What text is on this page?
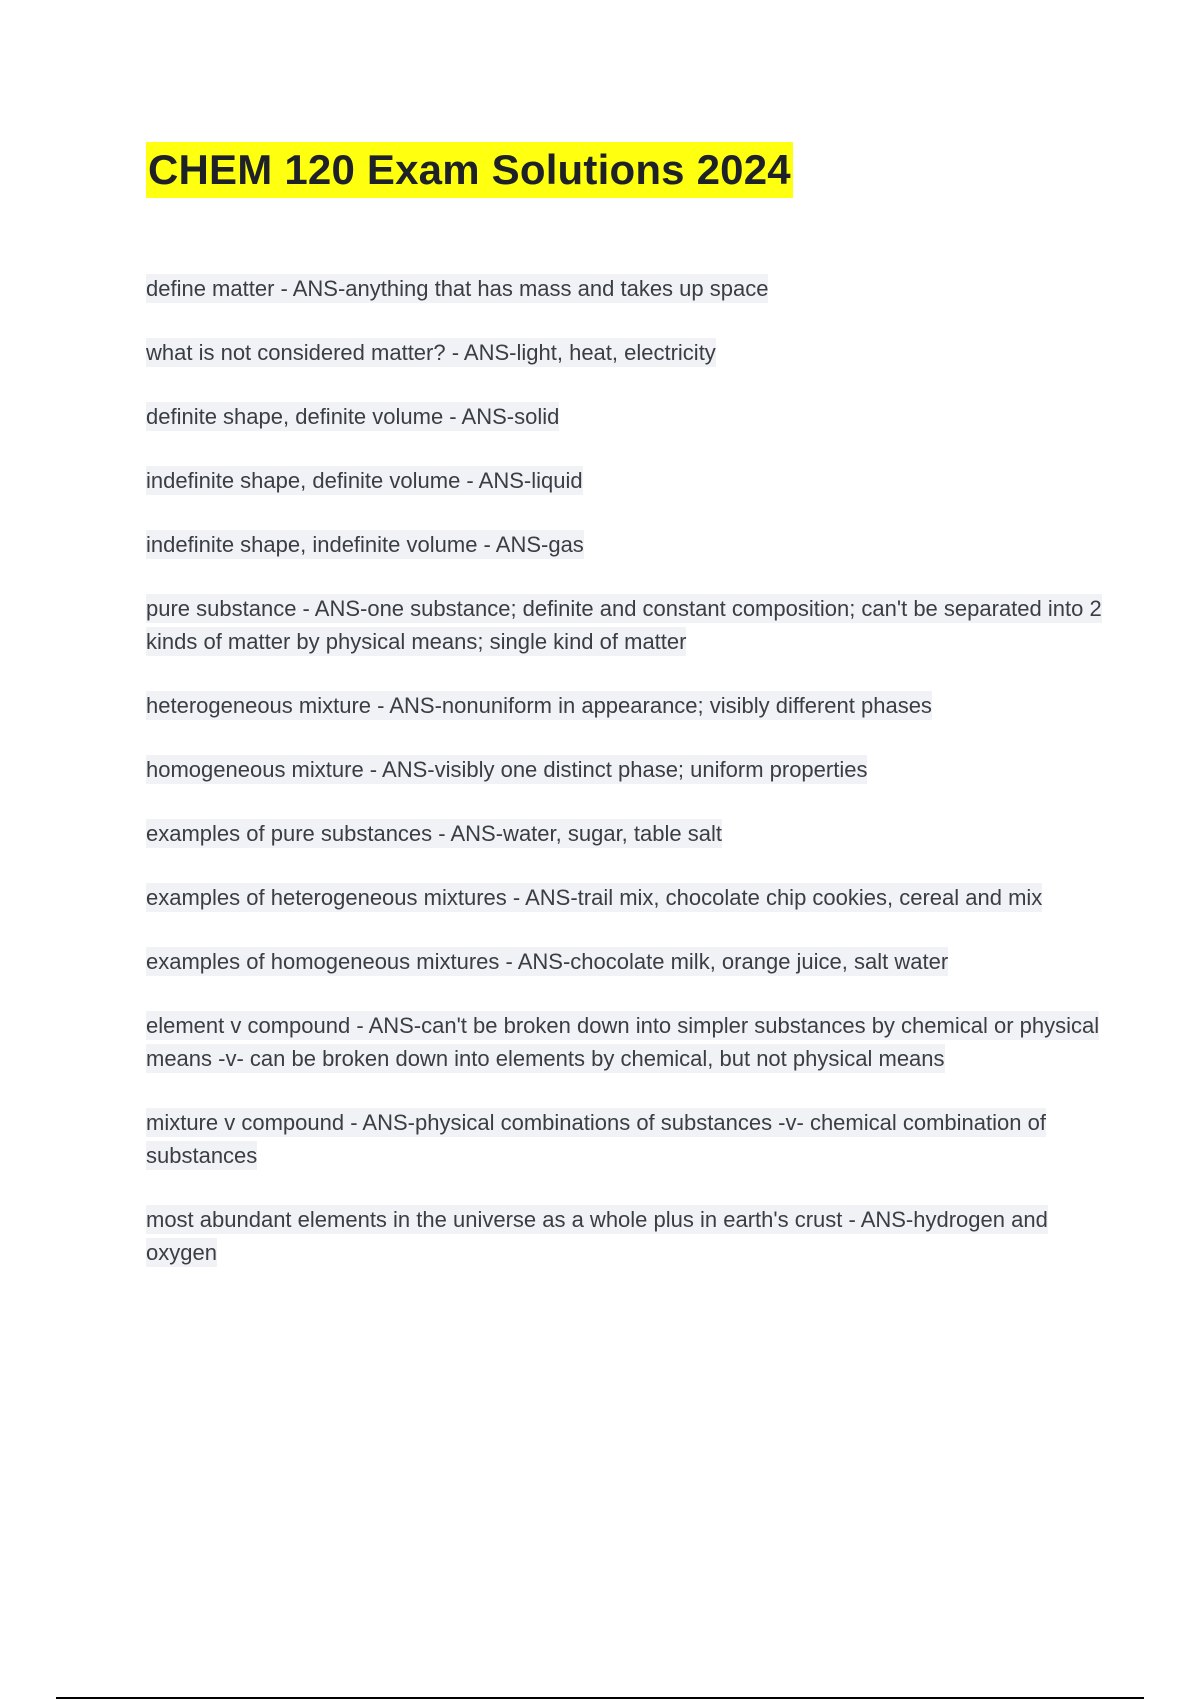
CHEM 120 Exam Solutions 2024
define matter - ANS-anything that has mass and takes up space
what is not considered matter? - ANS-light, heat, electricity
definite shape, definite volume - ANS-solid
indefinite shape, definite volume - ANS-liquid
indefinite shape, indefinite volume - ANS-gas
pure substance - ANS-one substance; definite and constant composition; can't be separated into 2 kinds of matter by physical means; single kind of matter
heterogeneous mixture - ANS-nonuniform in appearance; visibly different phases
homogeneous mixture - ANS-visibly one distinct phase; uniform properties
examples of pure substances - ANS-water, sugar, table salt
examples of heterogeneous mixtures - ANS-trail mix, chocolate chip cookies, cereal and mix
examples of homogeneous mixtures - ANS-chocolate milk, orange juice, salt water
element v compound - ANS-can't be broken down into simpler substances by chemical or physical means -v- can be broken down into elements by chemical, but not physical means
mixture v compound - ANS-physical combinations of substances -v- chemical combination of substances
most abundant elements in the universe as a whole plus in earth's crust - ANS-hydrogen and oxygen
